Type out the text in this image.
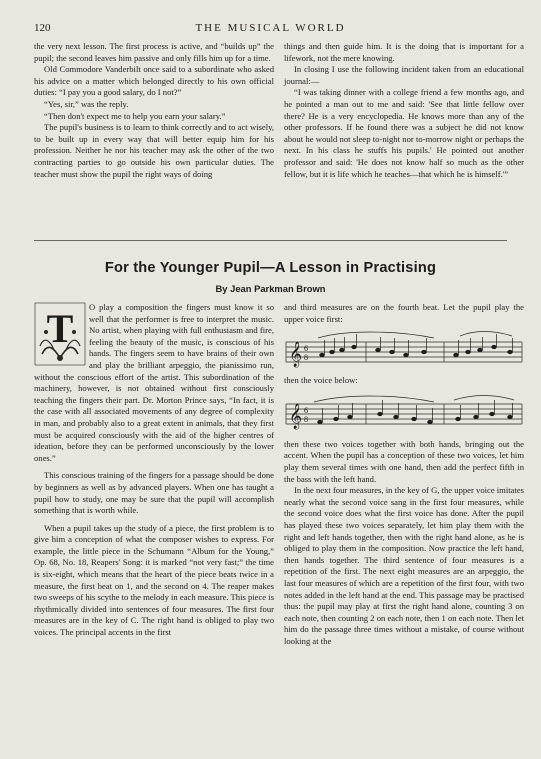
120	THE MUSICAL WORLD

the very next lesson. The first process is active, and “builds up” the pupil; the second leaves him passive and only fills him up for a time.

Old Commodore Vanderbilt once said to a subordinate who asked his advice on a matter which belonged directly to his own official duties: “I pay you a good salary, do I not?”

“Yes, sir,” was the reply.

“Then don't expect me to help you earn your salary.”

The pupil's business is to learn to think correctly and to act wisely, to be built up in every way that will better equip him for his profession. Neither he nor his teacher may ask the other of the two contracting parties to go outside his own particular duties. The teacher must show the pupil the right ways of doing

things and then guide him. It is the doing that is important for a lifework, not the mere knowing.

In closing I use the following incident taken from an educational journal:—

“I was taking dinner with a college friend a few months ago, and he pointed a man out to me and said: 'See that little fellow over there? He is a very encyclopedia. He knows more than any of the other professors. If he found there was a subject he did not know about he would not sleep to-night nor to-morrow night or perhaps the next. In his class he stuffs his pupils.' He pointed out another professor and said: 'He does not know half so much as the other fellow, but it is life which he teaches—that which he is himself.'”

For the Younger Pupil—A Lesson in Practising
By Jean Parkman Brown
T	O play a composition the fingers must know it so well that the performer is free to interpret the music. No artist, when playing with full enthusiasm and fire, feeling the beauty of the music, is conscious of his hands. The fingers seem to have brains of their own and play the brilliant arpeggio, the pianissimo run, without the conscious effort of the artist. This subordination of the machinery, however, is not obtained without first consciously teaching the fingers their part. Dr. Morton Prince says, “In fact, it is the case with all associated movements of any degree of complexity in man, and probably also to a great extent in animals, that they first must be acquired consciously with the aid of the higher centres of ideation, before they can be performed unconsciously by the lower ones.”

This conscious training of the fingers for a passage should be done by beginners as well as by advanced players. When one has taught a pupil how to study, one may be sure that the pupil will accomplish something that is worth while.

When a pupil takes up the study of a piece, the first problem is to give him a conception of what the composer wishes to express. For example, the little piece in the Schumann “Album for the Young,” Op. 68, No. 18, Reapers' Song: it is marked “not very fast;” the time is six-eight, which means that the heart of the piece beats twice in a measure, the first beat on 1, and the second on 4. The reaper makes two sweeps of his scythe to the melody in each measure. This piece is rhythmically divided into sentences of four measures. The first four measures are in the key of C. The right hand is obliged to play two voices. The principal accents in the first

and third measures are on the fourth beat. Let the pupil play the upper voice first:

𝄞 6
8

then the voice below:

𝄞 6
8

then these two voices together with both hands, bringing out the accent. When the pupil has a conception of these two voices, let him play them several times with one hand, then add the perfect fifth in the bass with the left hand.

In the next four measures, in the key of G, the upper voice imitates nearly what the second voice sang in the first four measures, while the second voice does what the first voice has done. After the pupil has played these two voices separately, let him play them with the right and left hands together, then with the right hand alone, as he is obliged to play them in the composition. Now practice the left hand, then hands together. The third sentence of four measures is a repetition of the first. The next eight measures are an arpeggio, the last four measures of which are a repetition of the first four, with two notes added in the left hand at the end. This passage may be practised thus: the pupil may play at first the right hand alone, counting 3 on each note, then counting 2 on each note, then 1 on each note. Then let him do the passage three times without a mistake, of course without looking at the
